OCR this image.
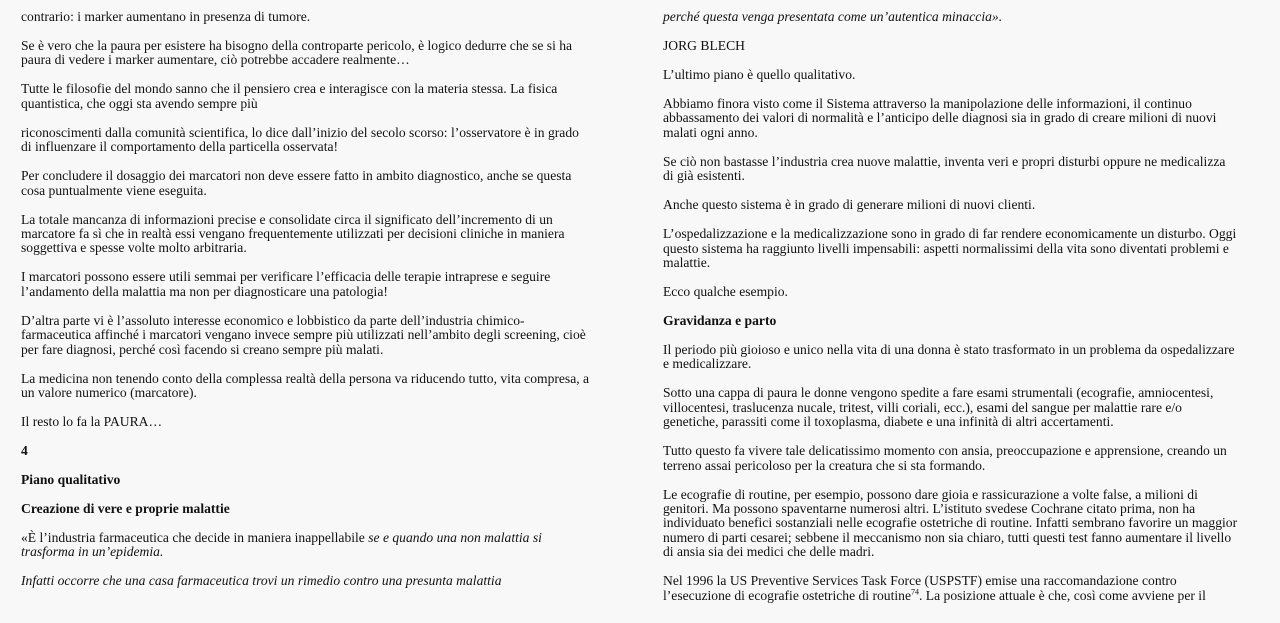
contrario: i marker aumentano in presenza di tumore.

Se è vero che la paura per esistere ha bisogno della controparte pericolo, è logico dedurre che se si ha
paura di vedere i marker aumentare, ciò potrebbe accadere realmente…

Tutte le filosofie del mondo sanno che il pensiero crea e interagisce con la materia stessa. La fisica
quantistica, che oggi sta avendo sempre più

riconoscimenti dalla comunità scientifica, lo dice dall’inizio del secolo scorso: l’osservatore è in grado
di influenzare il comportamento della particella osservata!

Per concludere il dosaggio dei marcatori non deve essere fatto in ambito diagnostico, anche se questa
cosa puntualmente viene eseguita.

La totale mancanza di informazioni precise e consolidate circa il significato dell’incremento di un
marcatore fa sì che in realtà essi vengano frequentemente utilizzati per decisioni cliniche in maniera
soggettiva e spesse volte molto arbitraria.

I marcatori possono essere utili semmai per verificare l’efficacia delle terapie intraprese e seguire
l’andamento della malattia ma non per diagnosticare una patologia!

D’altra parte vi è l’assoluto interesse economico e lobbistico da parte dell’industria chimico-
farmaceutica affinché i marcatori vengano invece sempre più utilizzati nell’ambito degli screening, cioè
per fare diagnosi, perché così facendo si creano sempre più malati.

La medicina non tenendo conto della complessa realtà della persona va riducendo tutto, vita compresa, a
un valore numerico (marcatore).

Il resto lo fa la PAURA…

4

Piano qualitativo

Creazione di vere e proprie malattie

«È l’industria farmaceutica che decide in maniera inappellabile se e quando una non malattia si
trasforma in un’epidemia.

Infatti occorre che una casa farmaceutica trovi un rimedio contro una presunta malattia

perché questa venga presentata come un’autentica minaccia».

JORG BLECH

L’ultimo piano è quello qualitativo.

Abbiamo finora visto come il Sistema attraverso la manipolazione delle informazioni, il continuo
abbassamento dei valori di normalità e l’anticipo delle diagnosi sia in grado di creare milioni di nuovi
malati ogni anno.

Se ciò non bastasse l’industria crea nuove malattie, inventa veri e propri disturbi oppure ne medicalizza
di già esistenti.

Anche questo sistema è in grado di generare milioni di nuovi clienti.

L’ospedalizzazione e la medicalizzazione sono in grado di far rendere economicamente un disturbo. Oggi
questo sistema ha raggiunto livelli impensabili: aspetti normalissimi della vita sono diventati problemi e
malattie.

Ecco qualche esempio.

Gravidanza e parto

Il periodo più gioioso e unico nella vita di una donna è stato trasformato in un problema da ospedalizzare
e medicalizzare.

Sotto una cappa di paura le donne vengono spedite a fare esami strumentali (ecografie, amniocentesi,
villocentesi, traslucenza nucale, tritest, villi coriali, ecc.), esami del sangue per malattie rare e/o
genetiche, parassiti come il toxoplasma, diabete e una infinità di altri accertamenti.

Tutto questo fa vivere tale delicatissimo momento con ansia, preoccupazione e apprensione, creando un
terreno assai pericoloso per la creatura che si sta formando.

Le ecografie di routine, per esempio, possono dare gioia e rassicurazione a volte false, a milioni di
genitori. Ma possono spaventarne numerosi altri. L’istituto svedese Cochrane citato prima, non ha
individuato benefici sostanziali nelle ecografie ostetriche di routine. Infatti sembrano favorire un maggior
numero di parti cesarei; sebbene il meccanismo non sia chiaro, tutti questi test fanno aumentare il livello
di ansia sia dei medici che delle madri.

Nel 1996 la US Preventive Services Task Force (USPSTF) emise una raccomandazione contro
l’esecuzione di ecografie ostetriche di routine$^{74}$. La posizione attuale è che, così come avviene per il
